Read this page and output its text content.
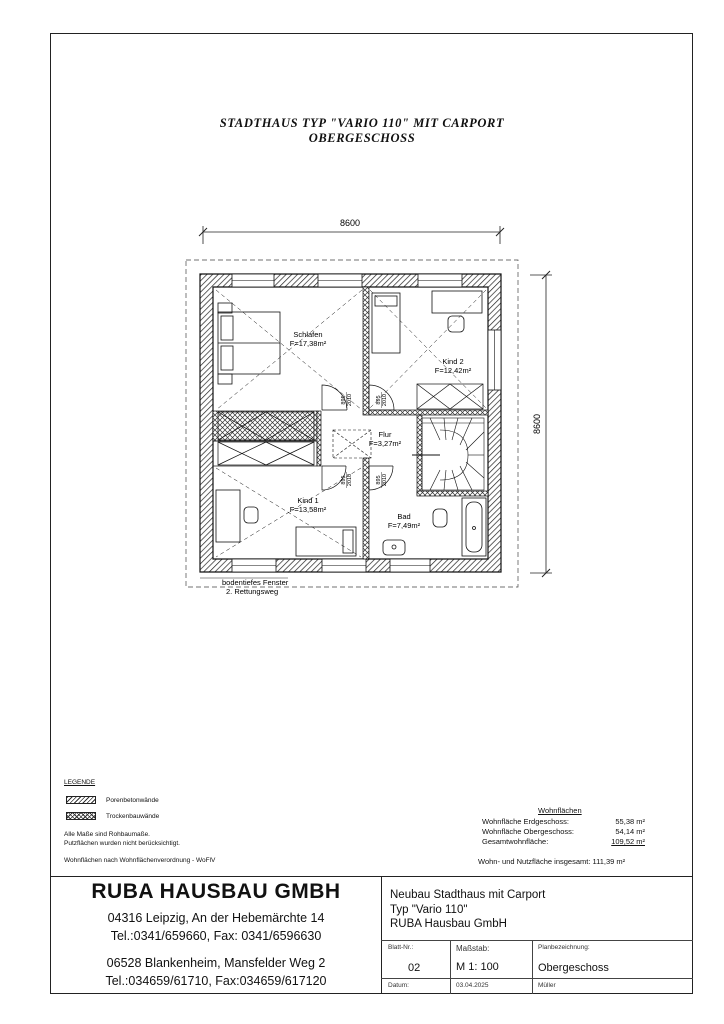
STADTHAUS TYP "VARIO 110" MIT CARPORT
OBERGESCHOSS
8600
8600
895 2010	895 2010
895 2010	895 2010
Schlafen
F=17,38m²
Kind 2
F=12,42m²
Flur
F=3,27m²
Kind 1
F=13,58m²
Bad
F=7,49m²
bodentiefes Fenster
2. Rettungsweg
LEGENDE
Porenbetonwände
Trockenbauwände
Alle Maße sind Rohbaumaße.
Putzflächen wurden nicht berücksichtigt.
Wohnflächen nach Wohnflächenverordnung - WoFlV
Wohnflächen
Wohnfläche Erdgeschoss:	55,38 m²
Wohnfläche Obergeschoss:	54,14 m²
Gesamtwohnfläche:	109,52 m²
Wohn- und Nutzfläche insgesamt: 111,39 m²
RUBA HAUSBAU GMBH
04316 Leipzig, An der Hebemärchte 14
Tel.:0341/659660, Fax: 0341/6596630
06528 Blankenheim, Mansfelder Weg 2
Tel.:034659/61710, Fax:034659/617120
Neubau Stadthaus mit Carport
Typ "Vario 110"
RUBA Hausbau GmbH
Blatt-Nr.:
02
Maßstab:
M 1: 100
Planbezeichnung:
Obergeschoss
Datum:	03.04.2025	Müller
